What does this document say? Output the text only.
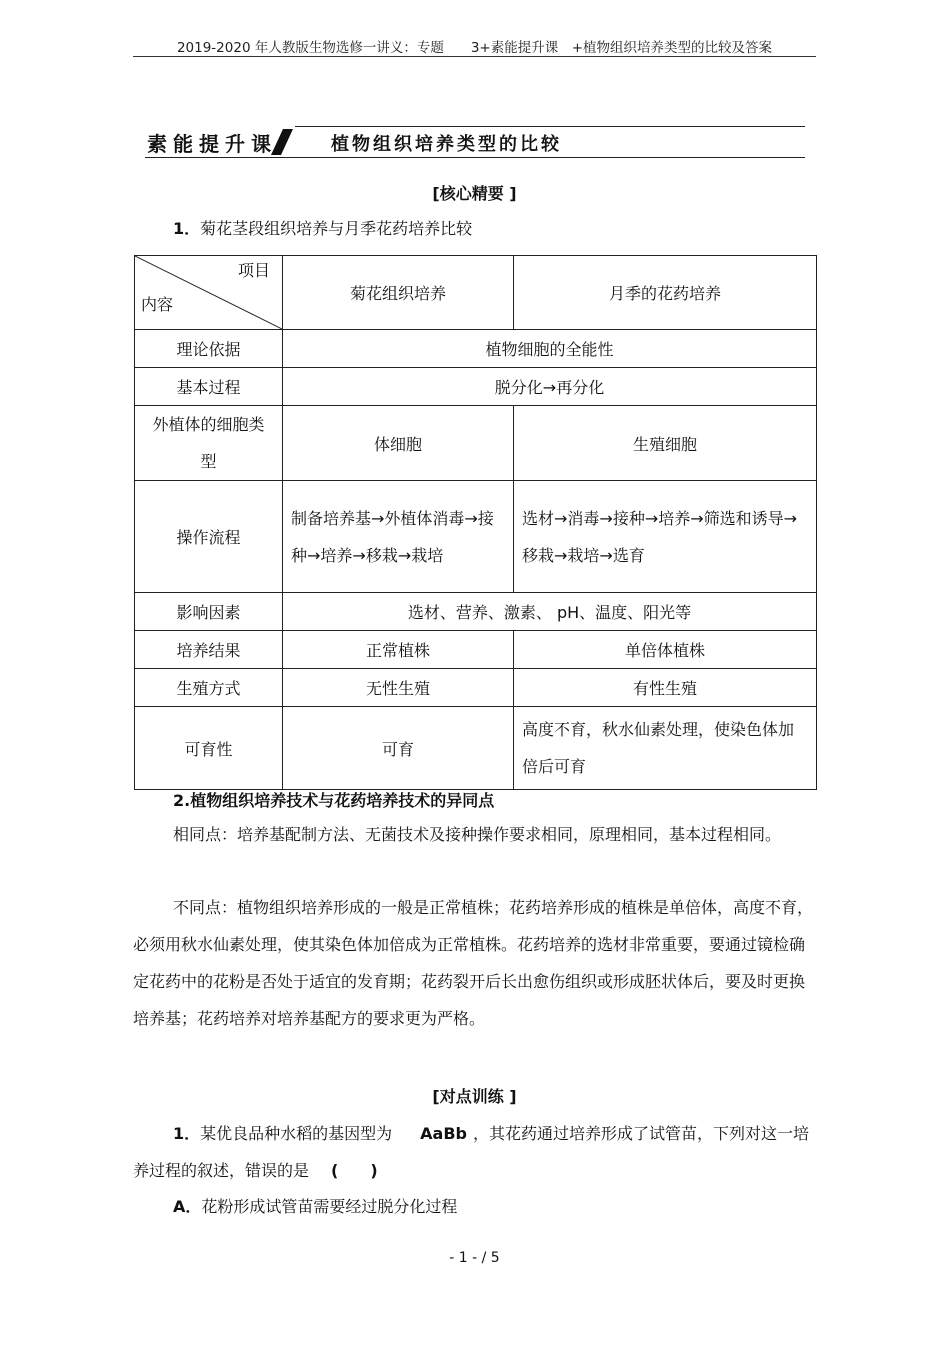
2019-2020 年人教版生物选修一讲义：专题　　3+素能提升课　+植物组织培养类型的比较及答案
素能提升课	植物组织培养类型的比较
[核心精要 ]
1．菊花茎段组织培养与月季花药培养比较
项目
内容	菊花组织培养	月季的花药培养
理论依据	植物细胞的全能性	
基本过程	脱分化→再分化	
外植体的细胞类型	体细胞	生殖细胞
操作流程	制备培养基→外植体消毒→接种→培养→移栽→栽培	选材→消毒→接种→培养→筛选和诱导→移栽→栽培→选育
影响因素	选材、营养、激素、 pH、温度、阳光等	
培养结果	正常植株	单倍体植株
生殖方式	无性生殖	有性生殖
可育性	可育	高度不育，秋水仙素处理，使染色体加倍后可育
2.植物组织培养技术与花药培养技术的异同点
相同点：培养基配制方法、无菌技术及接种操作要求相同，原理相同，基本过程相同。
不同点：植物组织培养形成的一般是正常植株；花药培养形成的植株是单倍体，高度不育，必须用秋水仙素处理，使其染色体加倍成为正常植株。花药培养的选材非常重要，要通过镜检确定花药中的花粉是否处于适宜的发育期；花药裂开后长出愈伤组织或形成胚状体后，要及时更换培养基；花药培养对培养基配方的要求更为严格。
[对点训练 ]
1．某优良品种水稻的基因型为 AaBb ，其花药通过培养形成了试管苗，下列对这一培养过程的叙述，错误的是 (　　)
A．花粉形成试管苗需要经过脱分化过程
- 1 - / 5
